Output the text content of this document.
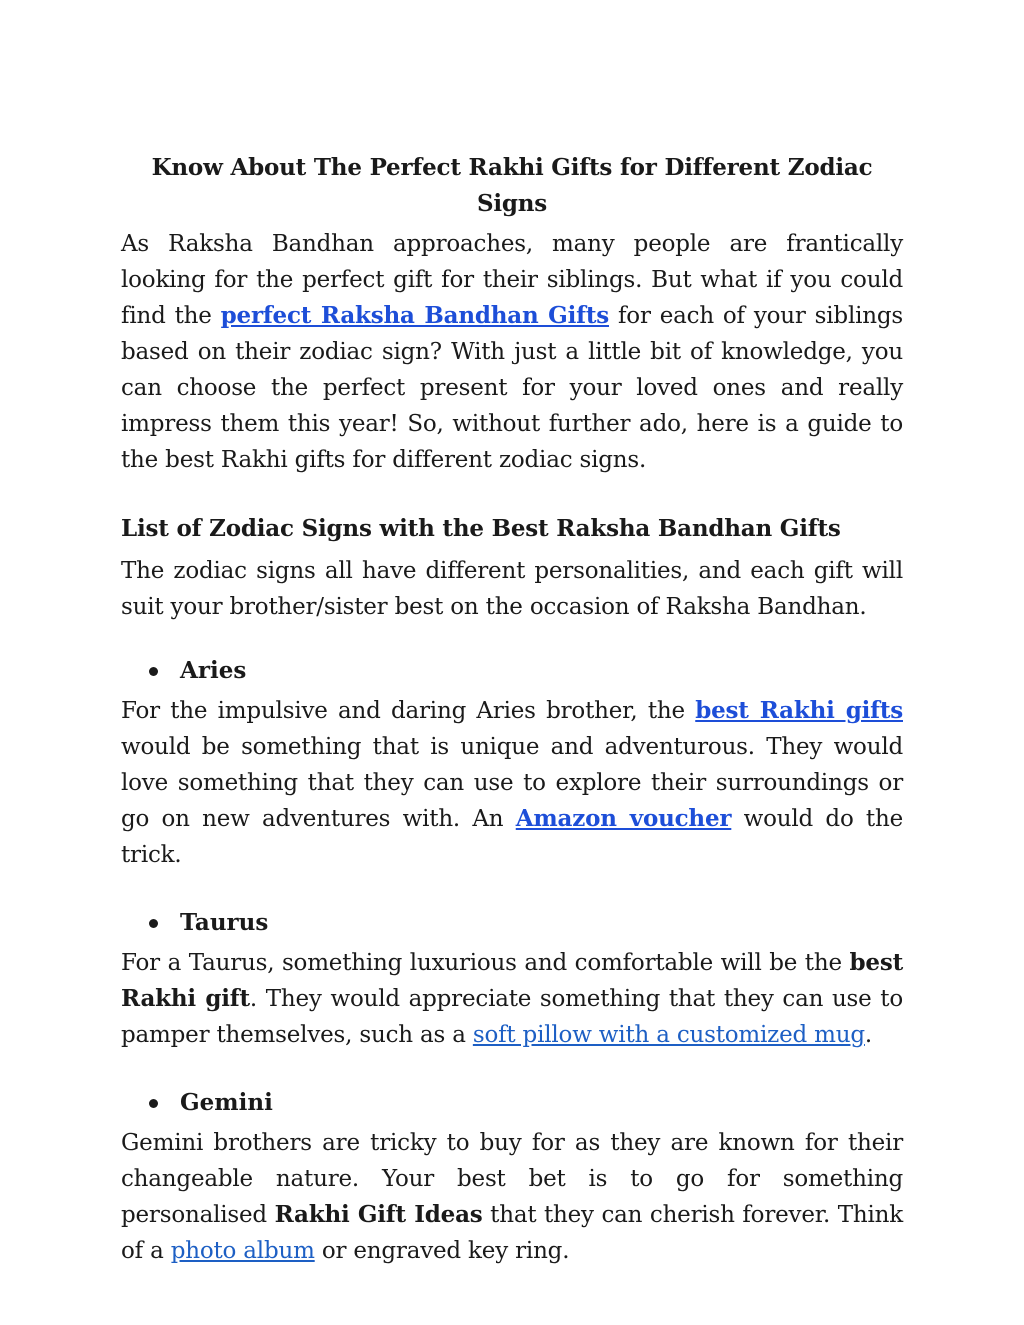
Know About The Perfect Rakhi Gifts for Different Zodiac Signs

As Raksha Bandhan approaches, many people are frantically looking for the perfect gift for their siblings. But what if you could find the perfect Raksha Bandhan Gifts for each of your siblings based on their zodiac sign? With just a little bit of knowledge, you can choose the perfect present for your loved ones and really impress them this year! So, without further ado, here is a guide to the best Rakhi gifts for different zodiac signs.

List of Zodiac Signs with the Best Raksha Bandhan Gifts

The zodiac signs all have different personalities, and each gift will suit your brother/sister best on the occasion of Raksha Bandhan.

Aries

For the impulsive and daring Aries brother, the best Rakhi gifts would be something that is unique and adventurous. They would love something that they can use to explore their surroundings or go on new adventures with. An Amazon voucher would do the trick.

Taurus

For a Taurus, something luxurious and comfortable will be the best Rakhi gift. They would appreciate something that they can use to pamper themselves, such as a soft pillow with a customized mug.

Gemini

Gemini brothers are tricky to buy for as they are known for their changeable nature. Your best bet is to go for something personalised Rakhi Gift Ideas that they can cherish forever. Think of a photo album or engraved key ring.
